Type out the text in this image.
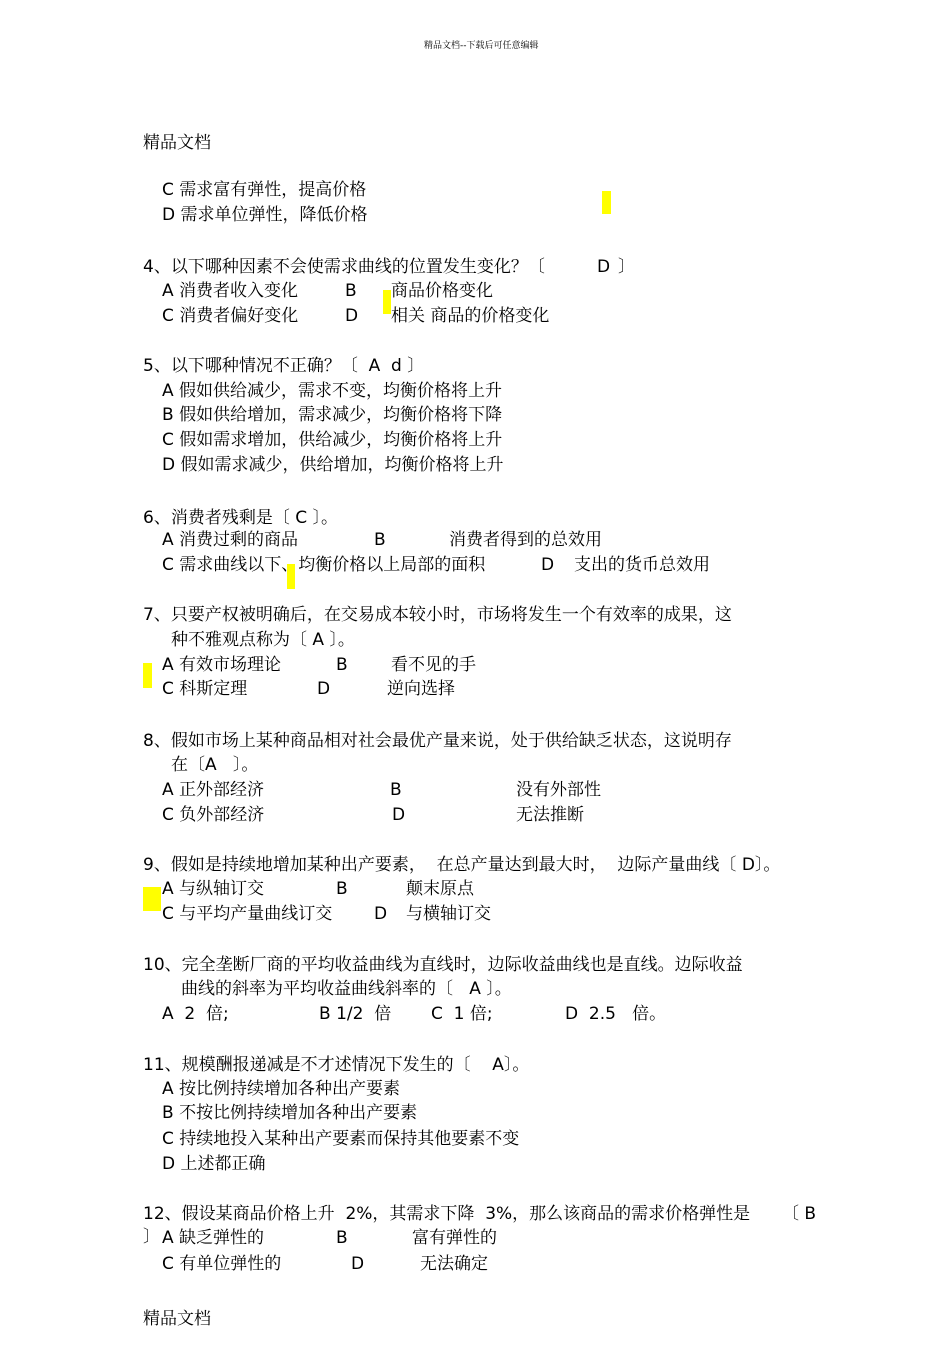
精品文档--下载后可任意编辑
精品文档
精品文档
C 需求富有弹性，提高价格
D 需求单位弹性，降低价格
4、以下哪种因素不会使需求曲线的位置发生变化？〔	D 〕
A 消费者收入变化	B 商品价格变化
C 消费者偏好变化	D 相关 商品的价格变化
5、以下哪种情况不正确？〔  A  d 〕
A 假如供给减少，需求不变，均衡价格将上升
B 假如供给增加，需求减少，均衡价格将下降
C 假如需求增加，供给减少，均衡价格将上升
D 假如需求减少，供给增加，均衡价格将上升
6、消费者残剩是〔 C 〕。
A 消费过剩的商品	B	消费者得到的总效用
C 需求曲线以下、均衡价格以上局部的面积	D 支出的货币总效用
7、只要产权被明确后，在交易成本较小时，市场将发生一个有效率的成果，这
种不雅观点称为〔 A 〕。
A 有效市场理论	B	看不见的手
C 科斯定理	D	逆向选择
8、假如市场上某种商品相对社会最优产量来说，处于供给缺乏状态，这说明存
在〔A   〕。
A 正外部经济	B	没有外部性
C 负外部经济	D	无法推断
9、假如是持续地增加某种出产要素，  在总产量达到最大时，  边际产量曲线〔 D〕。
A 与纵轴订交	B	颠末原点
C 与平均产量曲线订交 D 与横轴订交
10、完全垄断厂商的平均收益曲线为直线时，边际收益曲线也是直线。边际收益
曲线的斜率为平均收益曲线斜率的〔   A 〕。
A  2  倍;	B 1/2  倍 C  1 倍;	D  2.5   倍。
11、规模酬报递减是不才述情况下发生的〔    A〕。
A 按比例持续增加各种出产要素
B 不按比例持续增加各种出产要素
C 持续地投入某种出产要素而保持其他要素不变
D 上述都正确
12、假设某商品价格上升  2%，其需求下降  3%，那么该商品的需求价格弹性是 〔 B
〕 A 缺乏弹性的	B	富有弹性的
C 有单位弹性的	D	无法确定
